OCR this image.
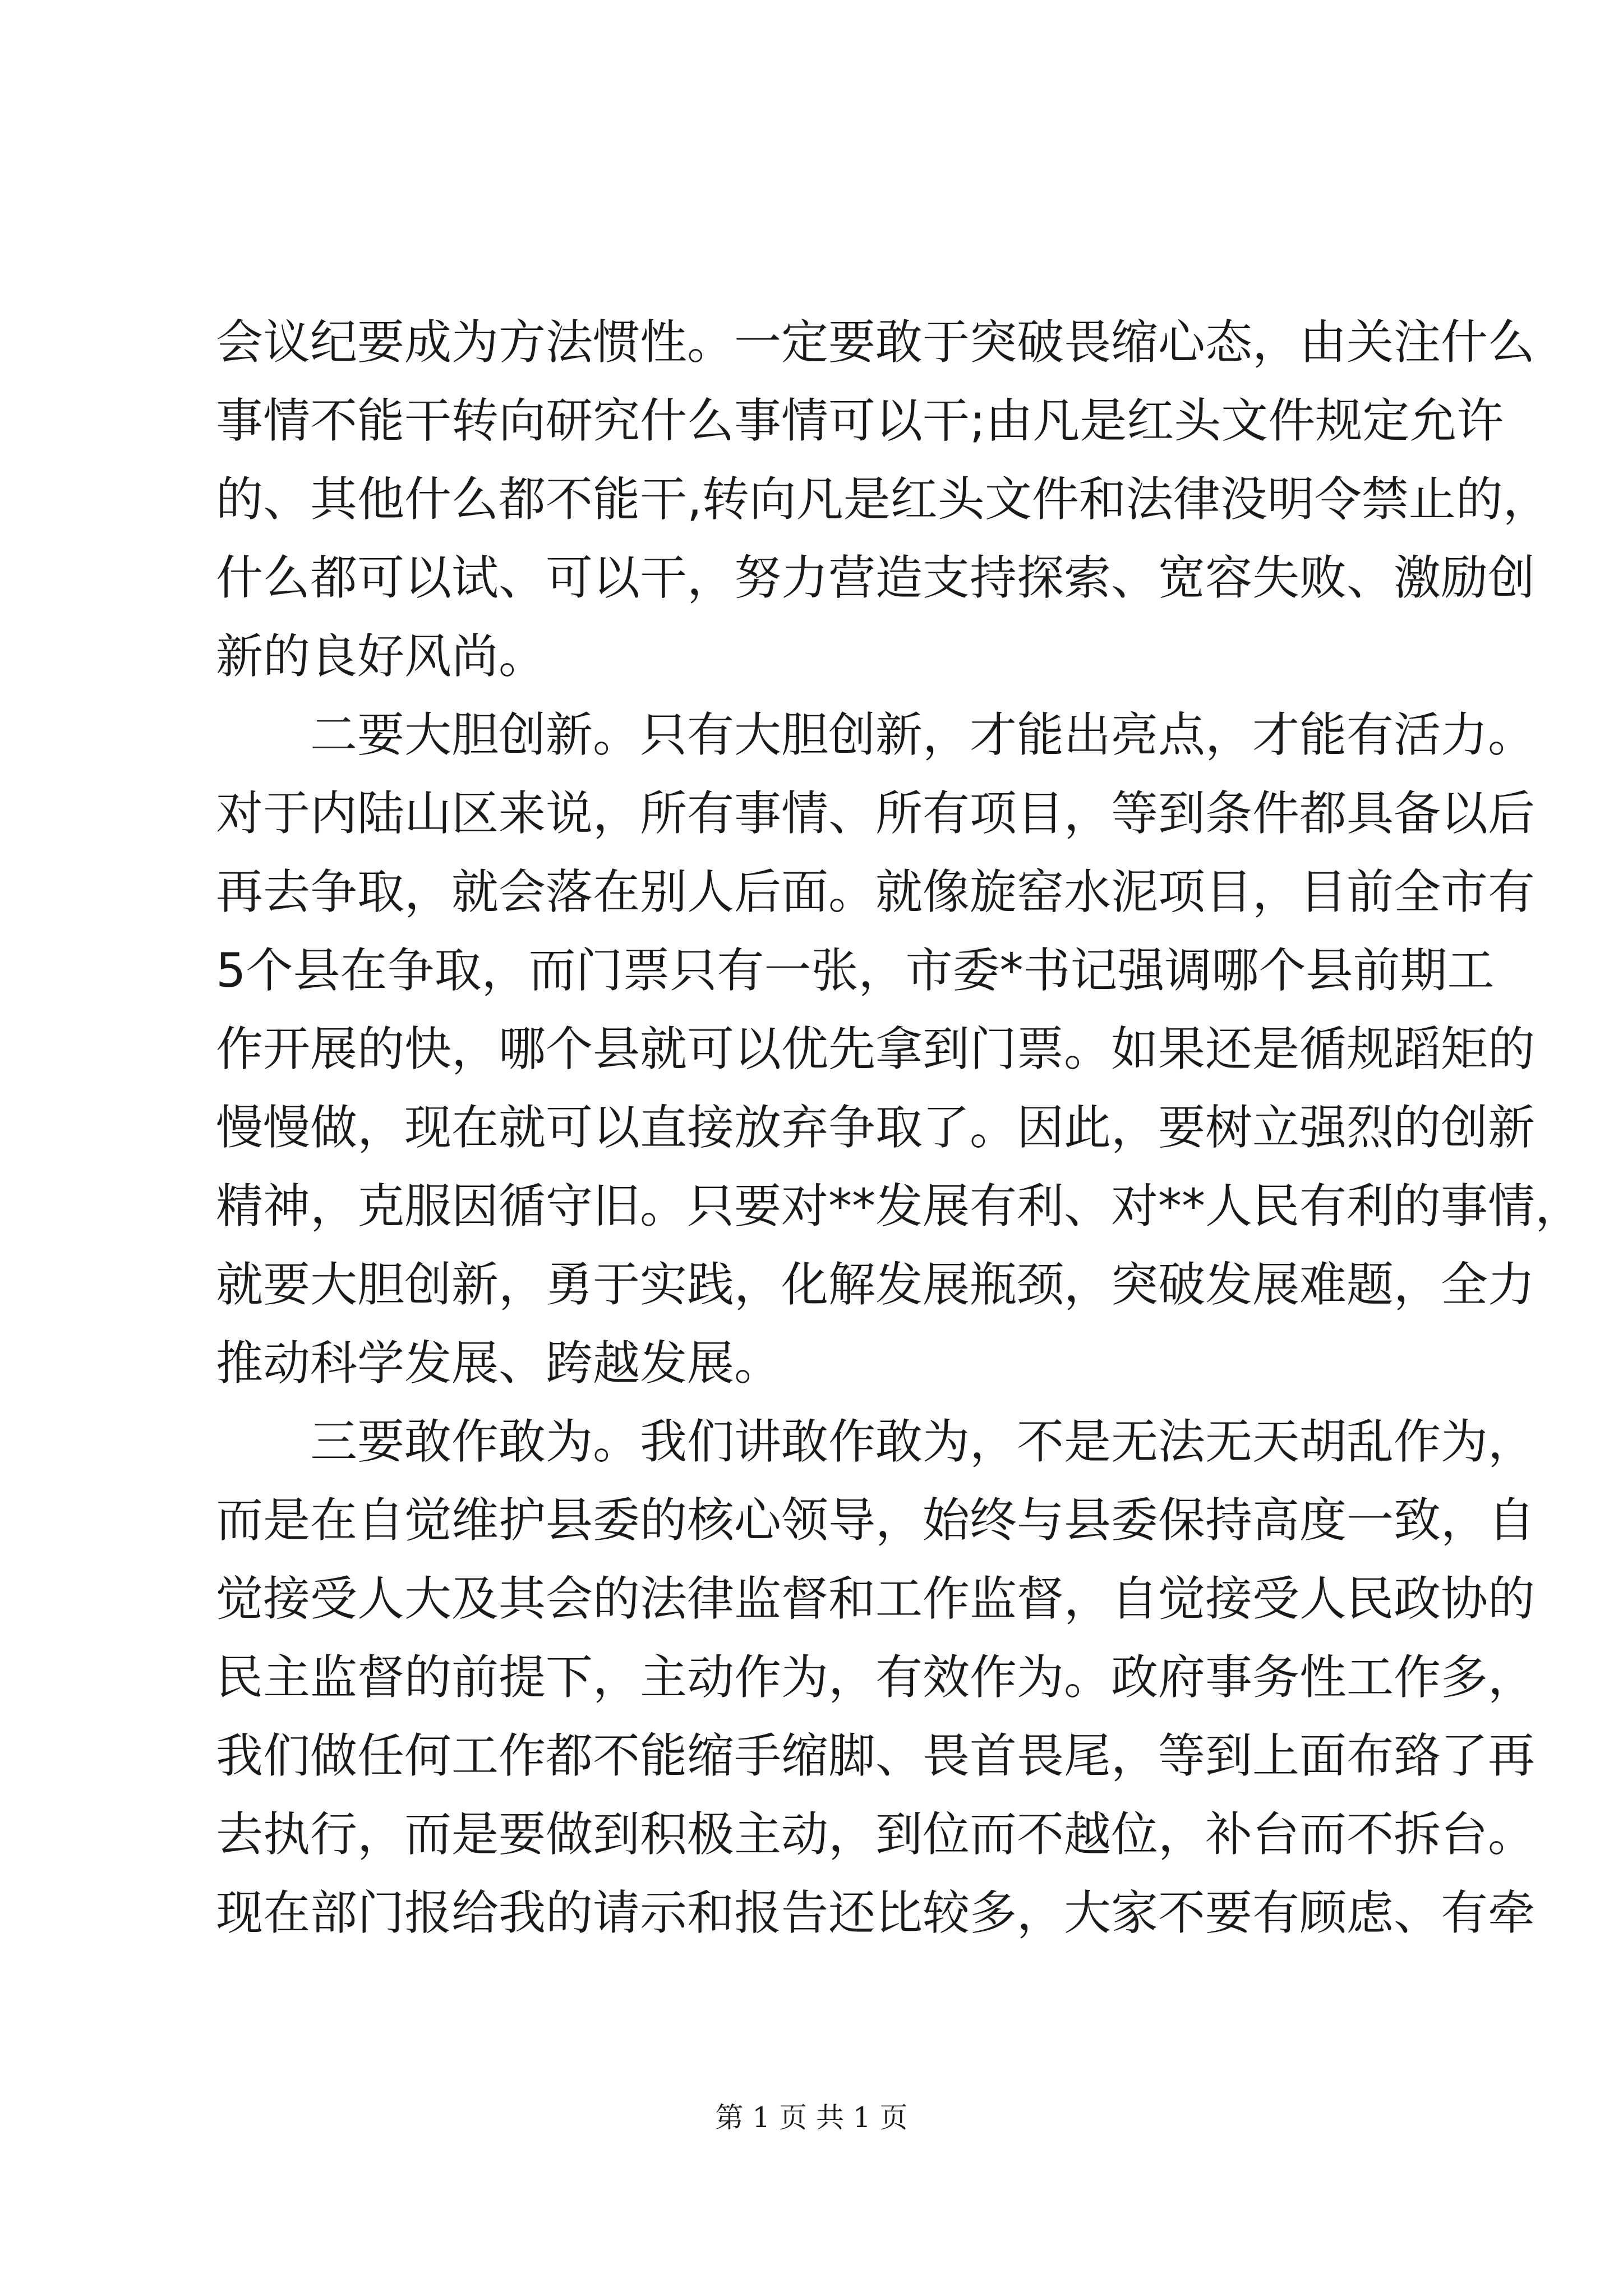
会议纪要成为方法惯性。一定要敢于突破畏缩心态，由关注什么
事情不能干转向研究什么事情可以干;由凡是红头文件规定允许
的、其他什么都不能干,转向凡是红头文件和法律没明令禁止的，
什么都可以试、可以干，努力营造支持探索、宽容失败、激励创
新的良好风尚。
二要大胆创新。只有大胆创新，才能出亮点，才能有活力。
对于内陆山区来说，所有事情、所有项目，等到条件都具备以后
再去争取，就会落在别人后面。就像旋窑水泥项目，目前全市有
5个县在争取，而门票只有一张，市委*书记强调哪个县前期工
作开展的快，哪个县就可以优先拿到门票。如果还是循规蹈矩的
慢慢做，现在就可以直接放弃争取了。因此，要树立强烈的创新
精神，克服因循守旧。只要对**发展有利、对**人民有利的事情，
就要大胆创新，勇于实践，化解发展瓶颈，突破发展难题，全力
推动科学发展、跨越发展。
三要敢作敢为。我们讲敢作敢为，不是无法无天胡乱作为，
而是在自觉维护县委的核心领导，始终与县委保持高度一致，自
觉接受人大及其会的法律监督和工作监督，自觉接受人民政协的
民主监督的前提下，主动作为，有效作为。政府事务性工作多，
我们做任何工作都不能缩手缩脚、畏首畏尾，等到上面布臵了再
去执行，而是要做到积极主动，到位而不越位，补台而不拆台。
现在部门报给我的请示和报告还比较多，大家不要有顾虑、有牵
第 1 页 共 1 页
